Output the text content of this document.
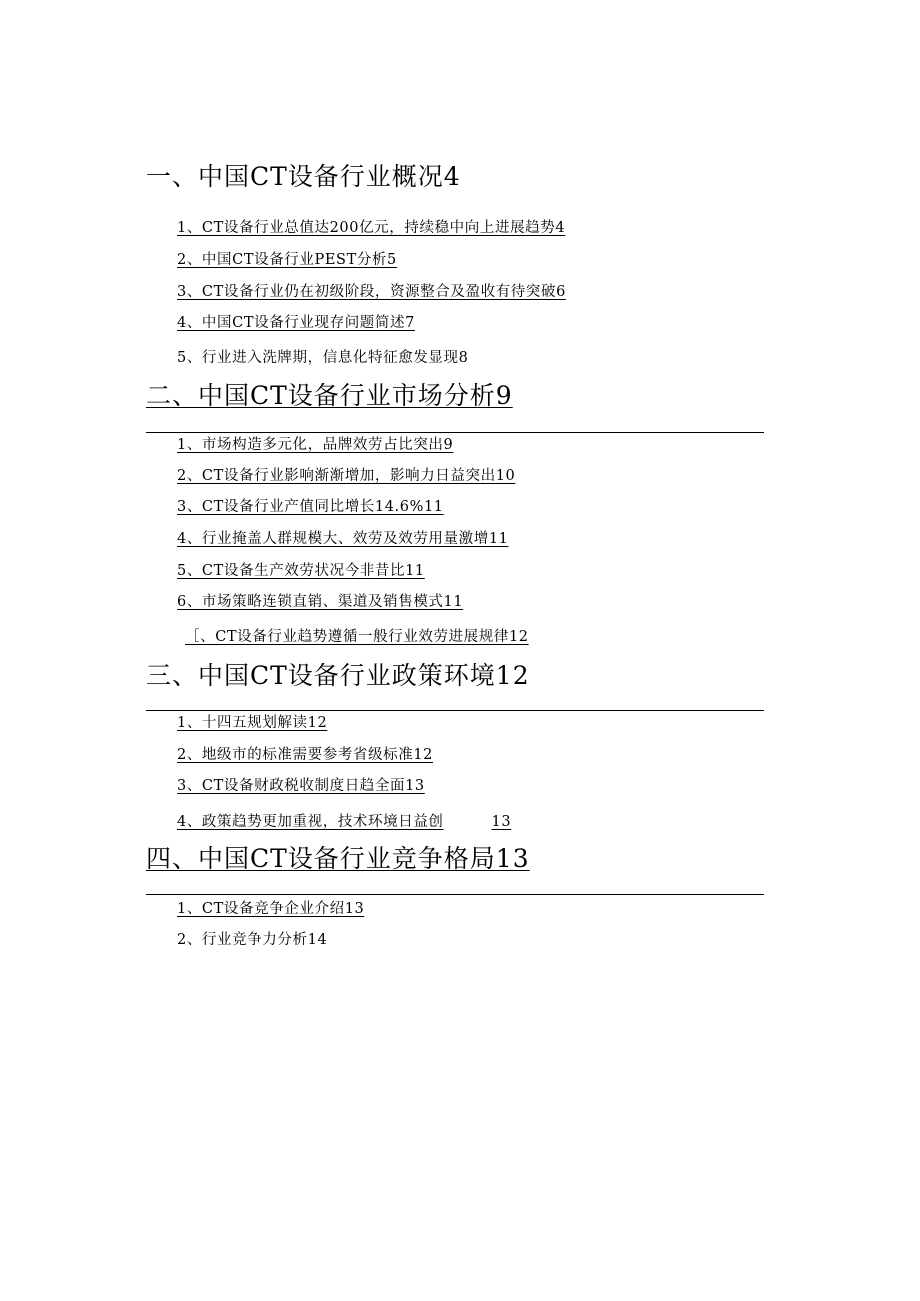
一、中国CT设备行业概况4
1、CT设备行业总值达200亿元，持续稳中向上进展趋势4
2、中国CT设备行业PEST分析5
3、CT设备行业仍在初级阶段，资源整合及盈收有待突破6
4、中国CT设备行业现存问题简述7
5、行业进入洗牌期，信息化特征愈发显现8
二、中国CT设备行业市场分析9
1、市场构造多元化，品牌效劳占比突出9
2、CT设备行业影响渐渐增加，影响力日益突出10
3、CT设备行业产值同比增长14.6%11
4、行业掩盖人群规模大、效劳及效劳用量激增11
5、CT设备生产效劳状况今非昔比11
6、市场策略连锁直销、渠道及销售模式11
［、CT设备行业趋势遵循一般行业效劳进展规律12
三、中国CT设备行业政策环境12
1、十四五规划解读12
2、地级市的标准需要参考省级标准12
3、CT设备财政税收制度日趋全面13
4、政策趋势更加重视，技术环境日益创	13
四、中国CT设备行业竞争格局13
1、CT设备竞争企业介绍13
2、行业竞争力分析14
